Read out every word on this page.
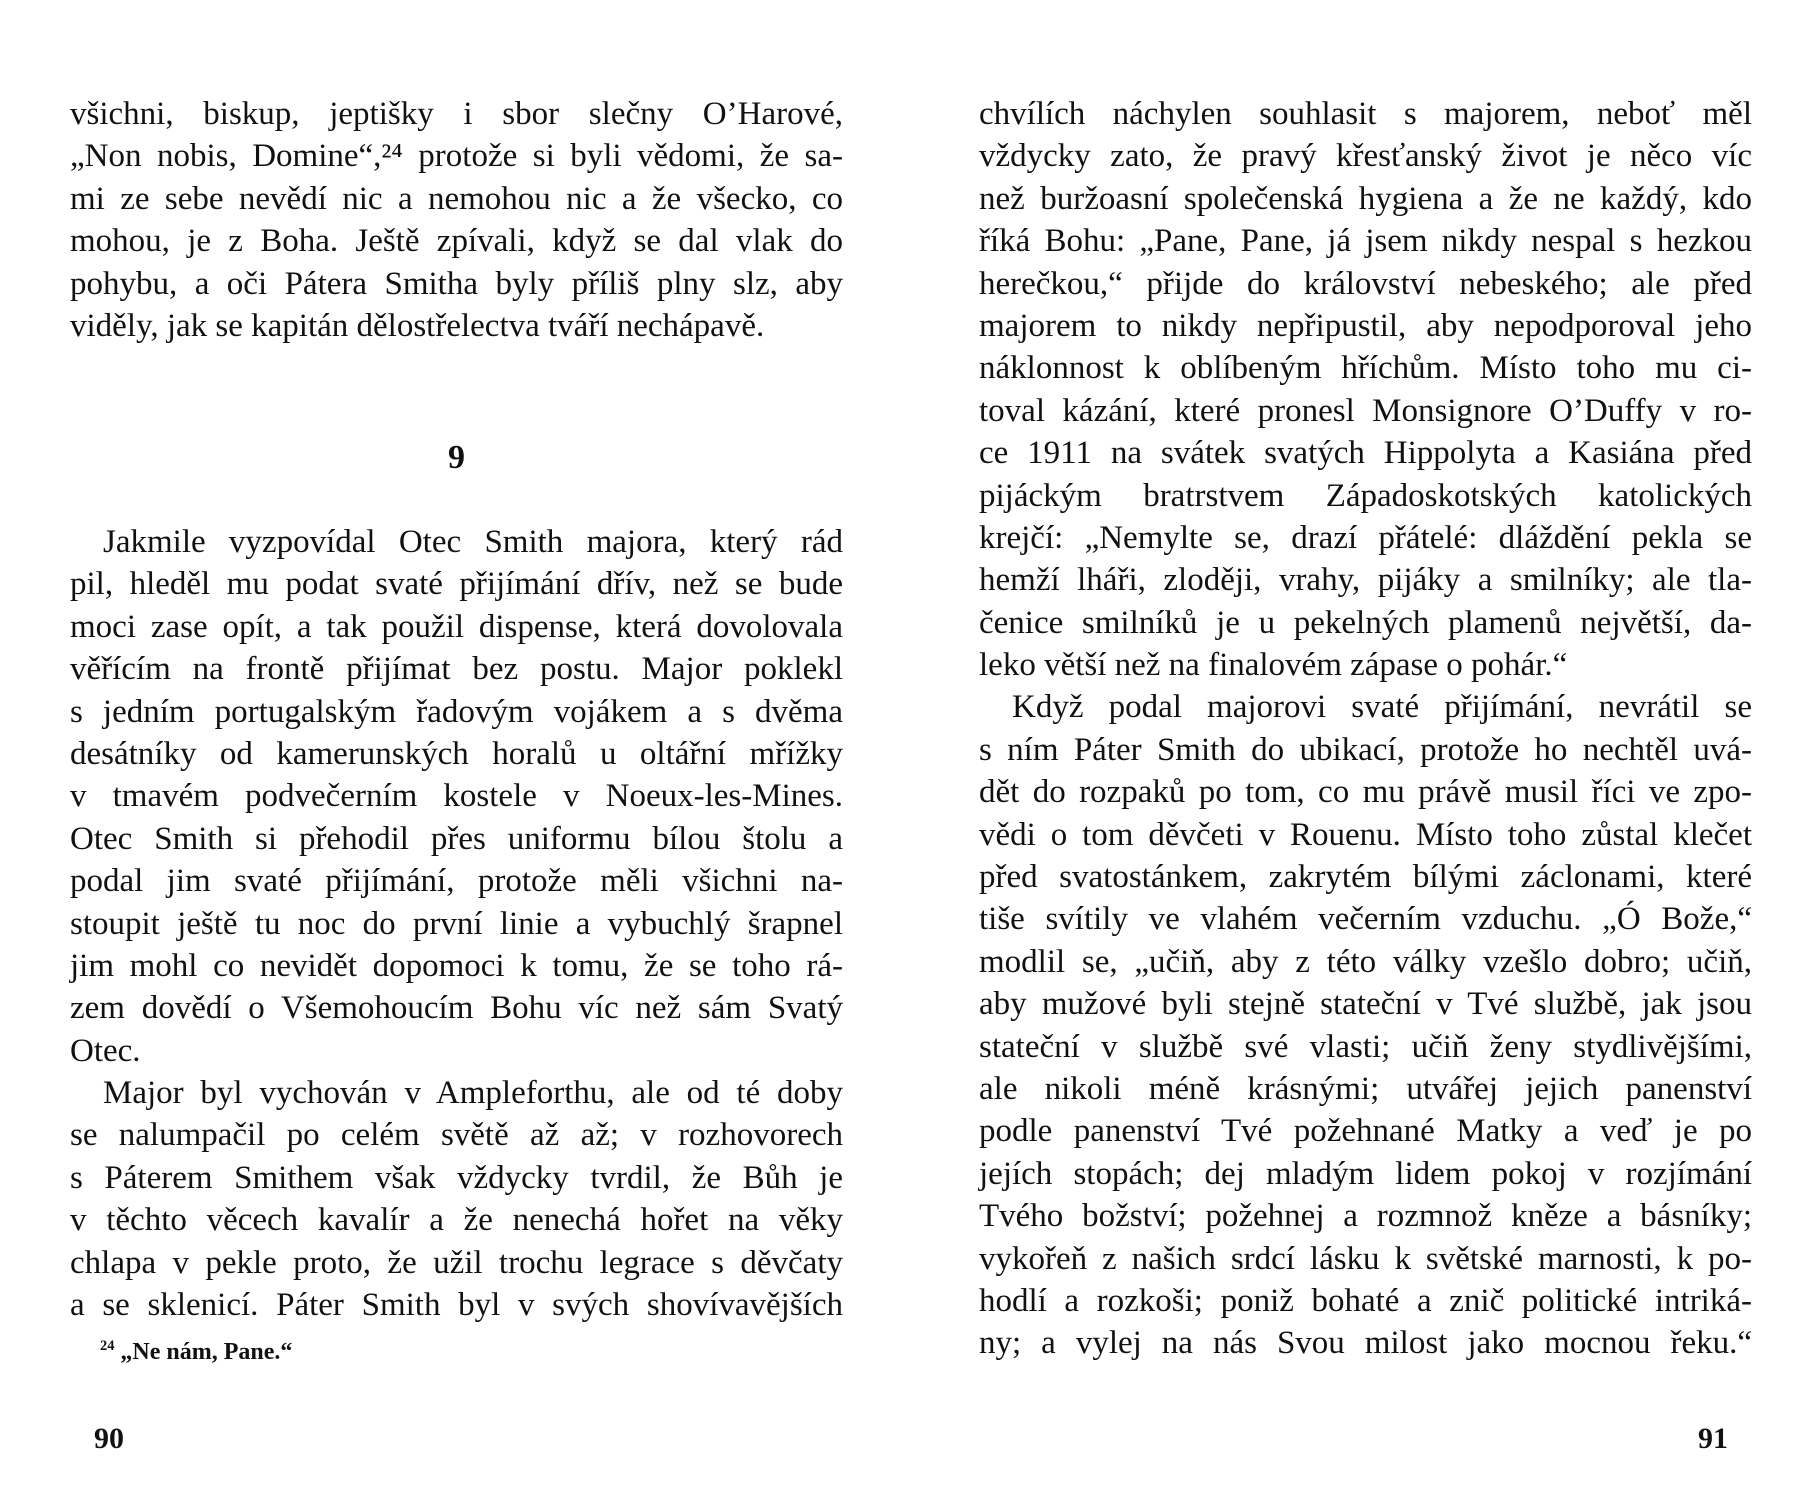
všichni, biskup, jeptišky i sbor slečny O’Harové,
„Non nobis, Domine“,²⁴ protože si byli vědomi, že sa-
mi ze sebe nevědí nic a nemohou nic a že všecko, co
mohou, je z Boha. Ještě zpívali, když se dal vlak do
pohybu, a oči Pátera Smitha byly příliš plny slz, aby
viděly, jak se kapitán dělostřelectva tváří nechápavě.
9
Jakmile vyzpovídal Otec Smith majora, který rád
pil, hleděl mu podat svaté přijímání dřív, než se bude
moci zase opít, a tak použil dispense, která dovolovala
věřícím na frontě přijímat bez postu. Major poklekl
s jedním portugalským řadovým vojákem a s dvěma
desátníky od kamerunských horalů u oltářní mřížky
v tmavém podvečerním kostele v Noeux-les-Mines.
Otec Smith si přehodil přes uniformu bílou štolu a
podal jim svaté přijímání, protože měli všichni na-
stoupit ještě tu noc do první linie a vybuchlý šrapnel
jim mohl co nevidět dopomoci k tomu, že se toho rá-
zem dovědí o Všemohoucím Bohu víc než sám Svatý
Otec.
Major byl vychován v Ampleforthu, ale od té doby
se nalumpačil po celém světě až až; v rozhovorech
s Páterem Smithem však vždycky tvrdil, že Bůh je
v těchto věcech kavalír a že nenechá hořet na věky
chlapa v pekle proto, že užil trochu legrace s děvčaty
a se sklenicí. Páter Smith byl v svých shovívavějších
$^{24}$ „Ne nám, Pane.“
90
chvílích náchylen souhlasit s majorem, neboť měl
vždycky zato, že pravý křesťanský život je něco víc
než buržoasní společenská hygiena a že ne každý, kdo
říká Bohu: „Pane, Pane, já jsem nikdy nespal s hezkou
herečkou,“ přijde do království nebeského; ale před
majorem to nikdy nepřipustil, aby nepodporoval jeho
náklonnost k oblíbeným hříchům. Místo toho mu ci-
toval kázání, které pronesl Monsignore O’Duffy v ro-
ce 1911 na svátek svatých Hippolyta a Kasiána před
pijáckým bratrstvem Západoskotských katolických
krejčí: „Nemylte se, drazí přátelé: dláždění pekla se
hemží lháři, zloději, vrahy, pijáky a smilníky; ale tla-
čenice smilníků je u pekelných plamenů největší, da-
leko větší než na finalovém zápase o pohár.“
Když podal majorovi svaté přijímání, nevrátil se
s ním Páter Smith do ubikací, protože ho nechtěl uvá-
dět do rozpaků po tom, co mu právě musil říci ve zpo-
vědi o tom děvčeti v Rouenu. Místo toho zůstal klečet
před svatostánkem, zakrytém bílými záclonami, které
tiše svítily ve vlahém večerním vzduchu. „Ó Bože,“
modlil se, „učiň, aby z této války vzešlo dobro; učiň,
aby mužové byli stejně stateční v Tvé službě, jak jsou
stateční v službě své vlasti; učiň ženy stydlivějšími,
ale nikoli méně krásnými; utvářej jejich panenství
podle panenství Tvé požehnané Matky a veď je po
jejích stopách; dej mladým lidem pokoj v rozjímání
Tvého božství; požehnej a rozmnož kněze a básníky;
vykořeň z našich srdcí lásku k světské marnosti, k po-
hodlí a rozkoši; poniž bohaté a znič politické intriká-
ny; a vylej na nás Svou milost jako mocnou řeku.“
91
